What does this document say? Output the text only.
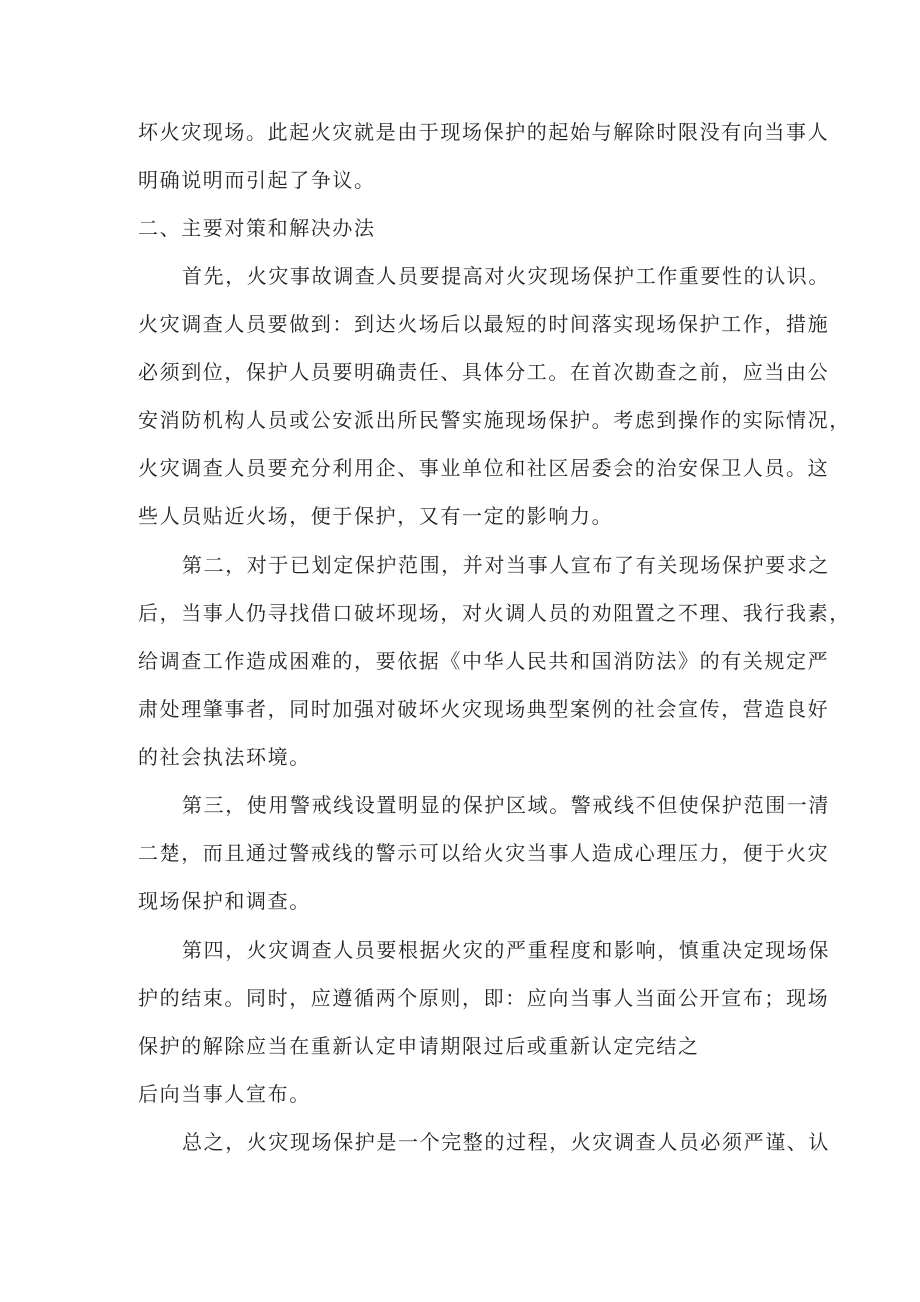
坏火灾现场。此起火灾就是由于现场保护的起始与解除时限没有向当事人
明确说明而引起了争议。
二、主要对策和解决办法
首先，火灾事故调查人员要提高对火灾现场保护工作重要性的认识。
火灾调查人员要做到：到达火场后以最短的时间落实现场保护工作，措施
必须到位，保护人员要明确责任、具体分工。在首次勘查之前，应当由公
安消防机构人员或公安派出所民警实施现场保护。考虑到操作的实际情况，
火灾调查人员要充分利用企、事业单位和社区居委会的治安保卫人员。这
些人员贴近火场，便于保护，又有一定的影响力。
第二，对于已划定保护范围，并对当事人宣布了有关现场保护要求之
后，当事人仍寻找借口破坏现场，对火调人员的劝阻置之不理、我行我素，
给调查工作造成困难的，要依据《中华人民共和国消防法》的有关规定严
肃处理肇事者，同时加强对破坏火灾现场典型案例的社会宣传，营造良好
的社会执法环境。
第三，使用警戒线设置明显的保护区域。警戒线不但使保护范围一清
二楚，而且通过警戒线的警示可以给火灾当事人造成心理压力，便于火灾
现场保护和调查。
第四，火灾调查人员要根据火灾的严重程度和影响，慎重决定现场保
护的结束。同时，应遵循两个原则，即：应向当事人当面公开宣布；现场
保护的解除应当在重新认定申请期限过后或重新认定完结之
后向当事人宣布。
总之，火灾现场保护是一个完整的过程，火灾调查人员必须严谨、认
